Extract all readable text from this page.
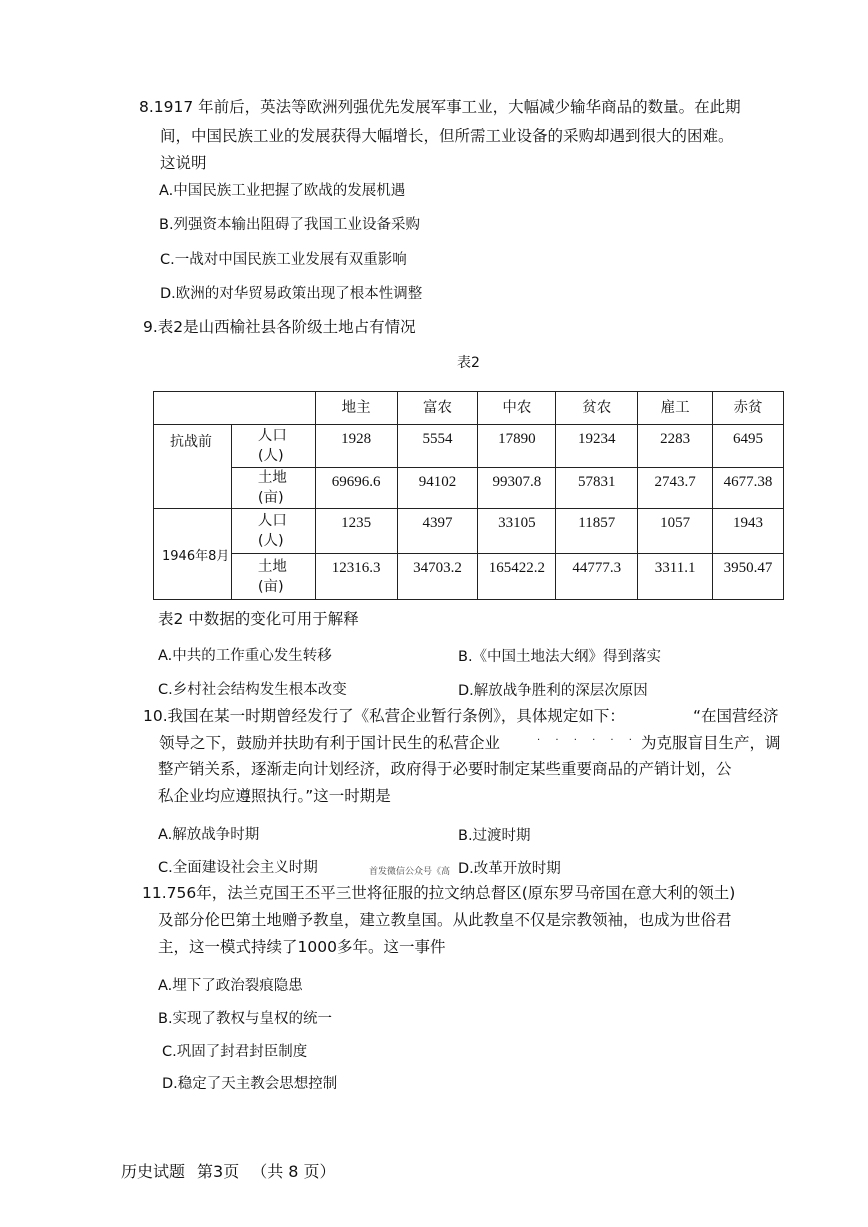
8.1917 年前后，英法等欧洲列强优先发展军事工业，大幅减少输华商品的数量。在此期
间，中国民族工业的发展获得大幅增长，但所需工业设备的采购却遇到很大的困难。
这说明
A.中国民族工业把握了欧战的发展机遇
B.列强资本输出阻碍了我国工业设备采购
C.一战对中国民族工业发展有双重影响
D.欧洲的对华贸易政策出现了根本性调整
9.表2是山西榆社县各阶级土地占有情况
表2
		地主	富农	中农	贫农	雇工	赤贫
抗战前	人口
(人)	1928	5554	17890	19234	2283	6495
	土地
(亩)	69696.6	94102	99307.8	57831	2743.7	4677.38
1946年8月	人口
(人)	1235	4397	33105	11857	1057	1943
	土地
(亩)	12316.3	34703.2	165422.2	44777.3	3311.1	3950.47
表2 中数据的变化可用于解释
A.中共的工作重心发生转移	B.《中国土地法大纲》得到落实
C.乡村社会结构发生根本改变	D.解放战争胜利的深层次原因
10.我国在某一时期曾经发行了《私营企业暂行条例》，具体规定如下：	“在国营经济
领导之下，鼓励并扶助有利于国计民生的私营企业	· · · · · · 为克服盲目生产，调
整产销关系，逐渐走向计划经济，政府得于必要时制定某些重要商品的产销计划，公
私企业均应遵照执行。”这一时期是
A.解放战争时期	B.过渡时期
C.全面建设社会主义时期	首发微信公众号《高 D.改革开放时期
11.756年，法兰克国王丕平三世将征服的拉文纳总督区(原东罗马帝国在意大利的领土)
及部分伦巴第土地赠予教皇，建立教皇国。从此教皇不仅是宗教领袖，也成为世俗君
主，这一模式持续了1000多年。这一事件
A.埋下了政治裂痕隐患
B.实现了教权与皇权的统一
C.巩固了封君封臣制度
D.稳定了天主教会思想控制
历史试题 第3页 （共 8 页）
